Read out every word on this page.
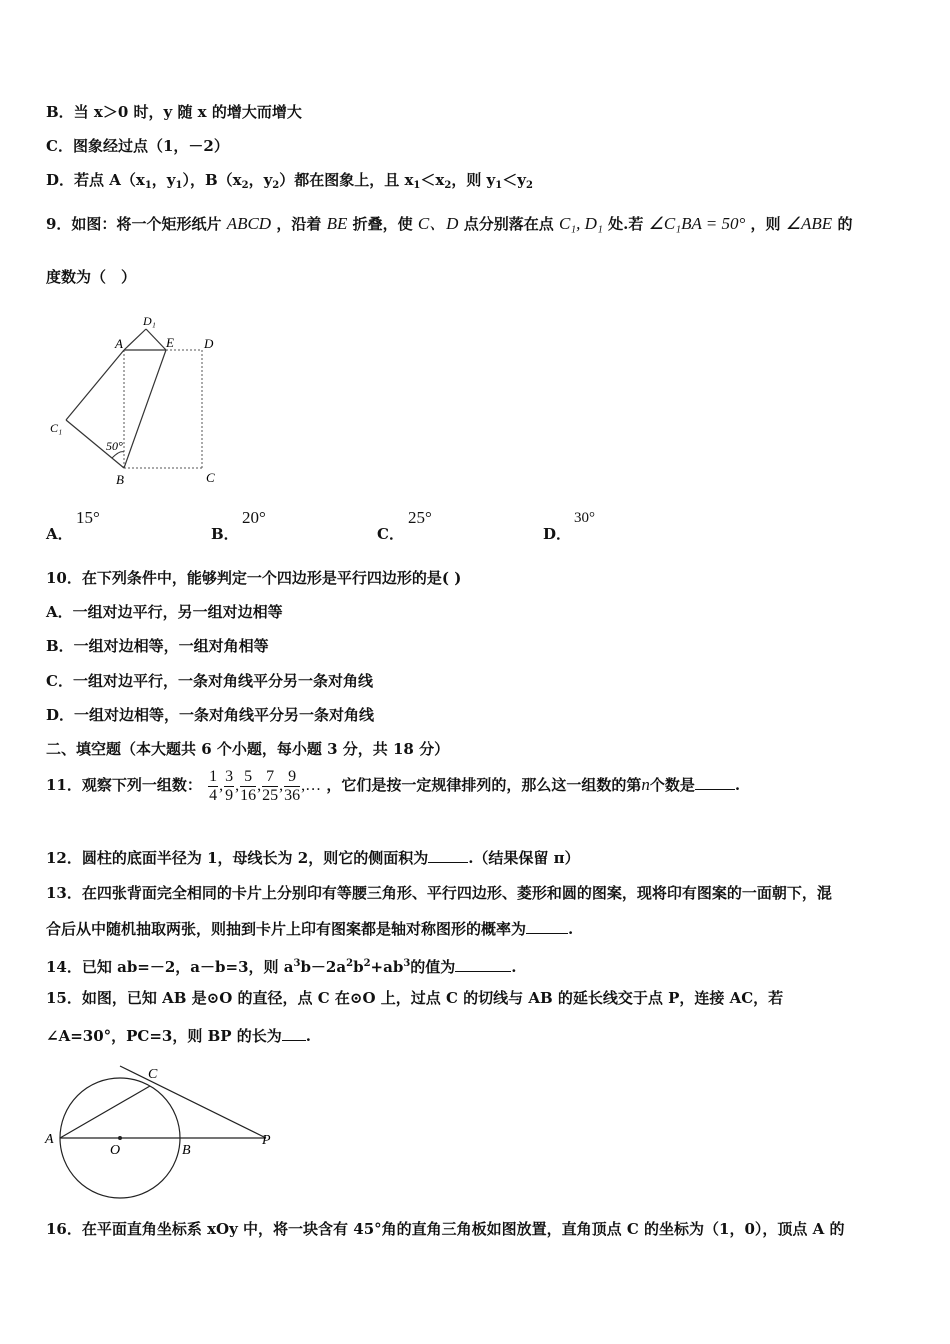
B．当 x＞0 时，y 随 x 的增大而增大
C．图象经过点（1，－2）
D．若点 $A(x_1$，$y_1$），$B(x_2$，$y_2$）都在图象上，且 $x_1<x_2$，则 $y_1<y_2$
9．如图：将一个矩形纸片 ABCD ，沿着 BE 折叠，使 C、D 点分别落在点 C₁, D₁ 处.若 ∠C₁BA = 50° ，则 ∠ABE 的
度数为（　）
D₁
A	E D
C₁
50°
B	C
A．
15°
B．
20°
C．
25°
D．
30°
10．在下列条件中，能够判定一个四边形是平行四边形的是( )
A．一组对边平行，另一组对边相等
B．一组对边相等，一组对角相等
C．一组对边平行，一条对角线平分另一条对角线
D．一组对边相等，一条对角线平分另一条对角线
二、填空题（本大题共 6 个小题，每小题 3 分，共 18 分）
11．观察下列一组数： $\frac{1}{4}$ , $\frac{3}{9}$ , $\frac{5}{16}$ , $\frac{7}{25}$ , $\frac{9}{36}$ ,… ，它们是按一定规律排列的，那么这一组数的第n个数是	.
12．圆柱的底面半径为 1，母线长为 2，则它的侧面积为	.（结果保留 π）
13．在四张背面完全相同的卡片上分别印有等腰三角形、平行四边形、菱形和圆的图案，现将印有图案的一面朝下，混
合后从中随机抽取两张，则抽到卡片上印有图案都是轴对称图形的概率为	.
14．已知 ab=－2，a－b=3，则 $a^3b-2a^2b^2+ab^3$的值为	.
15．如图，已知 AB 是⊙O 的直径，点 C 在⊙O 上，过点 C 的切线与 AB 的延长线交于点 P，连接 AC，若
∠A=30°，PC=3，则 BP 的长为 .
C
A
O	B
P
16．在平面直角坐标系 xOy 中，将一块含有 45°角的直角三角板如图放置，直角顶点 C 的坐标为（1，0），顶点 A 的
